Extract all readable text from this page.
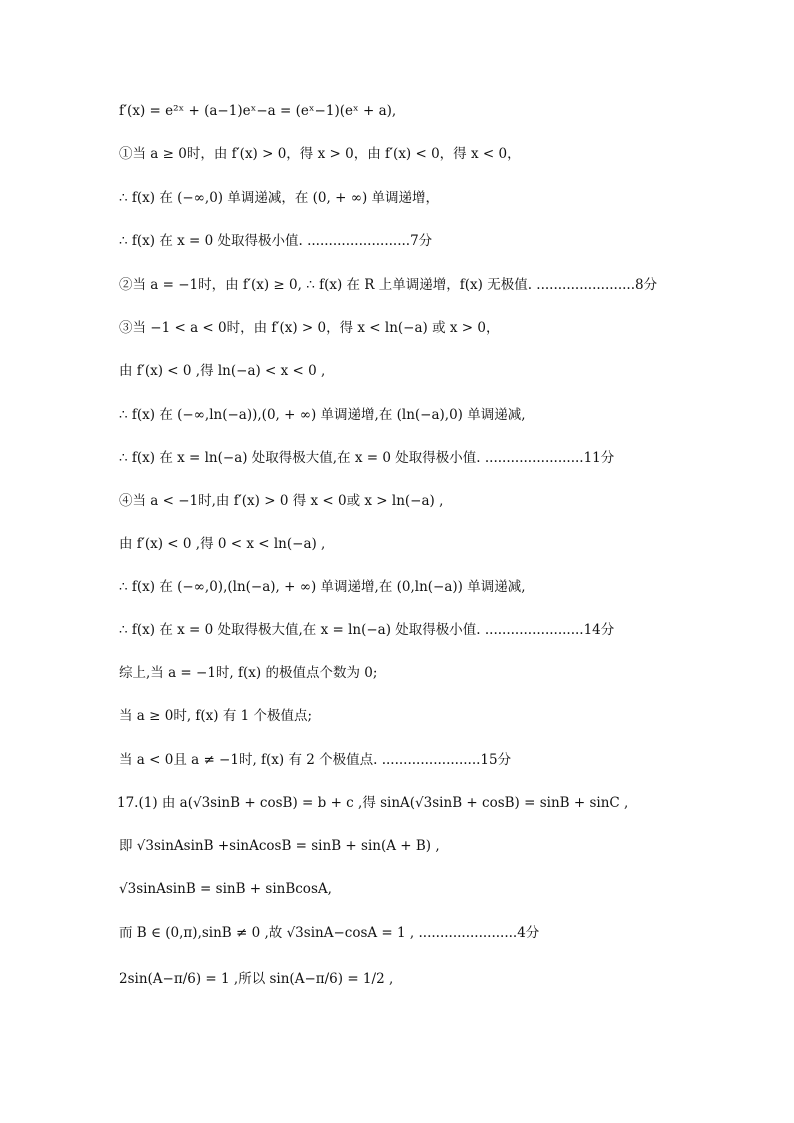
f′(x) = e²ˣ + (a−1)eˣ−a = (eˣ−1)(eˣ + a),
①当 a ≥ 0时，由 f′(x) > 0，得 x > 0，由 f′(x) < 0，得 x < 0，
∴ f(x) 在 (−∞,0) 单调递减，在 (0, + ∞) 单调递增，
∴ f(x) 在 x = 0 处取得极小值. ........................7分
②当 a = −1时，由 f′(x) ≥ 0, ∴ f(x) 在 R 上单调递增，f(x) 无极值. .......................8分
③当 −1 < a < 0时，由 f′(x) > 0，得 x < ln(−a) 或 x > 0，
由 f′(x) < 0 ,得 ln(−a) < x < 0 ,
∴ f(x) 在 (−∞,ln(−a)),(0, + ∞) 单调递增,在 (ln(−a),0) 单调递减,
∴ f(x) 在 x = ln(−a) 处取得极大值,在 x = 0 处取得极小值. .......................11分
④当 a < −1时,由 f′(x) > 0 得 x < 0或 x > ln(−a) ,
由 f′(x) < 0 ,得 0 < x < ln(−a) ,
∴ f(x) 在 (−∞,0),(ln(−a), + ∞) 单调递增,在 (0,ln(−a)) 单调递减,
∴ f(x) 在 x = 0 处取得极大值,在 x = ln(−a) 处取得极小值. .......................14分
综上,当 a = −1时, f(x) 的极值点个数为 0;
当 a ≥ 0时, f(x) 有 1 个极值点;
当 a < 0且 a ≠ −1时, f(x) 有 2 个极值点. .......................15分
17.(1) 由 a(√3sinB + cosB) = b + c ,得 sinA(√3sinB + cosB) = sinB + sinC ,
即 √3sinAsinB +sinAcosB = sinB + sin(A + B) ,
√3sinAsinB = sinB + sinBcosA,
而 B ∈ (0,π),sinB ≠ 0 ,故 √3sinA−cosA = 1 , .......................4分
2sin(A−π/6) = 1 ,所以 sin(A−π/6) = 1/2 ,
